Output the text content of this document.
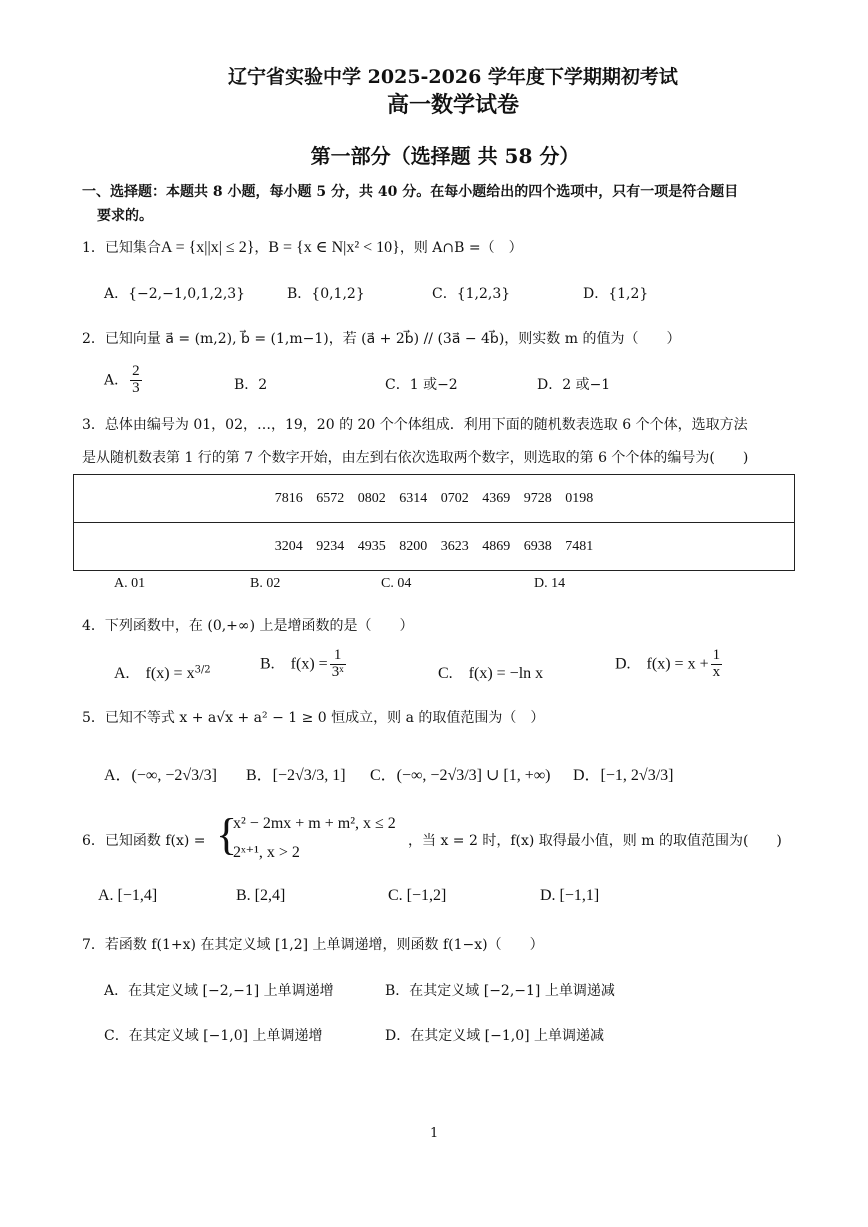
辽宁省实验中学 2025-2026 学年度下学期期初考试
高一数学试卷
第一部分（选择题 共 58 分）
一、选择题：本题共 8 小题，每小题 5 分，共 40 分。在每小题给出的四个选项中，只有一项是符合题目
要求的。
1．已知集合A = {x||x| ≤ 2}，B = {x ∈ N|x² < 10}，则 A∩B =（　）
A．{−2,−1,0,1,2,3}	B．{0,1,2}	C．{1,2,3}	D．{1,2}
2．已知向量 a⃗ = (m,2), b⃗ = (1,m−1)，若 (a⃗ + 2b⃗) // (3a⃗ − 4b⃗)，则实数 m 的值为（　　）
A． $\frac{2}{3}$	B．2	C．1 或−2	D．2 或−1
3．总体由编号为 01，02，…，19，20 的 20 个个体组成．利用下面的随机数表选取 6 个个体，选取方法
是从随机数表第 1 行的第 7 个数字开始，由左到右依次选取两个数字，则选取的第 6 个个体的编号为(　　)
7816 6572 0802 6314 0702 4369 9728 0198
3204 9234 4935 8200 3623 4869 6938 7481
A. 01	B. 02	C. 04	D. 14
4．下列函数中，在 (0,+∞) 上是增函数的是（　　）
A.　$f(x) = x^{3/2}$	B.　$f(x) = \frac{1}{\text{3ˣ}}$	C.　f(x) = −ln x
D.　$f(x) = x + \frac{1}{x}$
5．已知不等式 x + a√x + a² − 1 ≥ 0 恒成立，则 a 的取值范围为（　）
A．(−∞, −2√3/3] B．[−2√3/3, 1] C．(−∞, −2√3/3] ∪ [1, +∞) D．[−1, 2√3/3]
6．已知函数 f(x) = {
x² − 2mx + m + m², x ≤ 2
2ˣ⁺¹, x > 2
，当 x = 2 时，f(x) 取得最小值，则 m 的取值范围为(　　)
A. [−1,4]	B. [2,4]	C. [−1,2]	D. [−1,1]
7．若函数 f(1+x) 在其定义域 [1,2] 上单调递增，则函数 f(1−x)（　　）
A．在其定义域 [−2,−1] 上单调递增	B．在其定义域 [−2,−1] 上单调递减
C．在其定义域 [−1,0] 上单调递增	D．在其定义域 [−1,0] 上单调递减
1
